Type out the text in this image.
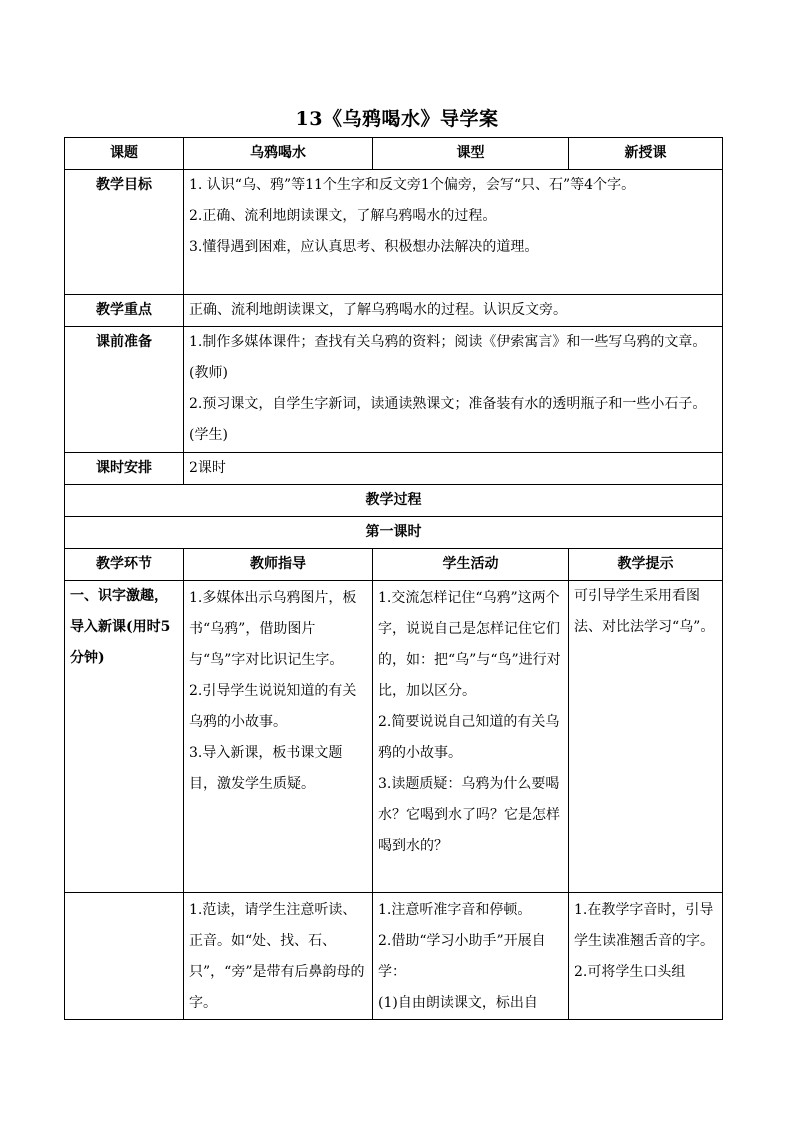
13《乌鸦喝水》导学案
课题	乌鸦喝水	课型	新授课
教学目标	1. 认识“乌、鸦”等11个生字和反文旁1个偏旁，会写“只、石”等4个字。
2.正确、流利地朗读课文，了解乌鸦喝水的过程。
3.懂得遇到困难，应认真思考、积极想办法解决的道理。		

教学重点	正确、流利地朗读课文，了解乌鸦喝水的过程。认识反文旁。		
课前准备	1.制作多媒体课件；查找有关乌鸦的资料；阅读《伊索寓言》和一些写乌鸦的文章。(教师)
2.预习课文，自学生字新词，读通读熟课文；准备装有水的透明瓶子和一些小石子。(学生)		

课时安排	2课时		
教学过程			
第一课时			
教学环节	教师指导	学生活动	教学提示
一、识字激趣，导入新课(用时5分钟)	1.多媒体出示乌鸦图片，板书“乌鸦”，借助图片与“鸟”字对比识记生字。
2.引导学生说说知道的有关乌鸦的小故事。
3.导入新课，板书课文题目，激发学生质疑。	1.交流怎样记住“乌鸦”这两个 字，说说自己是怎样记住它们的，如：把“乌”与“鸟”进行对比，加以区分。
2.简要说说自己知道的有关乌鸦的小故事。
3.读题质疑：乌鸦为什么要喝水？它喝到水了吗？它是怎样喝到水的？	可引导学生采用看图法、对比法学习“乌”。

	1.范读，请学生注意听读、正音。如“处、找、石、只”，“旁”是带有后鼻韵母的字。	1.注意听准字音和停顿。
2.借助“学习小助手”开展自学：
(1)自由朗读课文，标出自	1.在教学字音时，引导学生读准翘舌音的字。
2.可将学生口头组
